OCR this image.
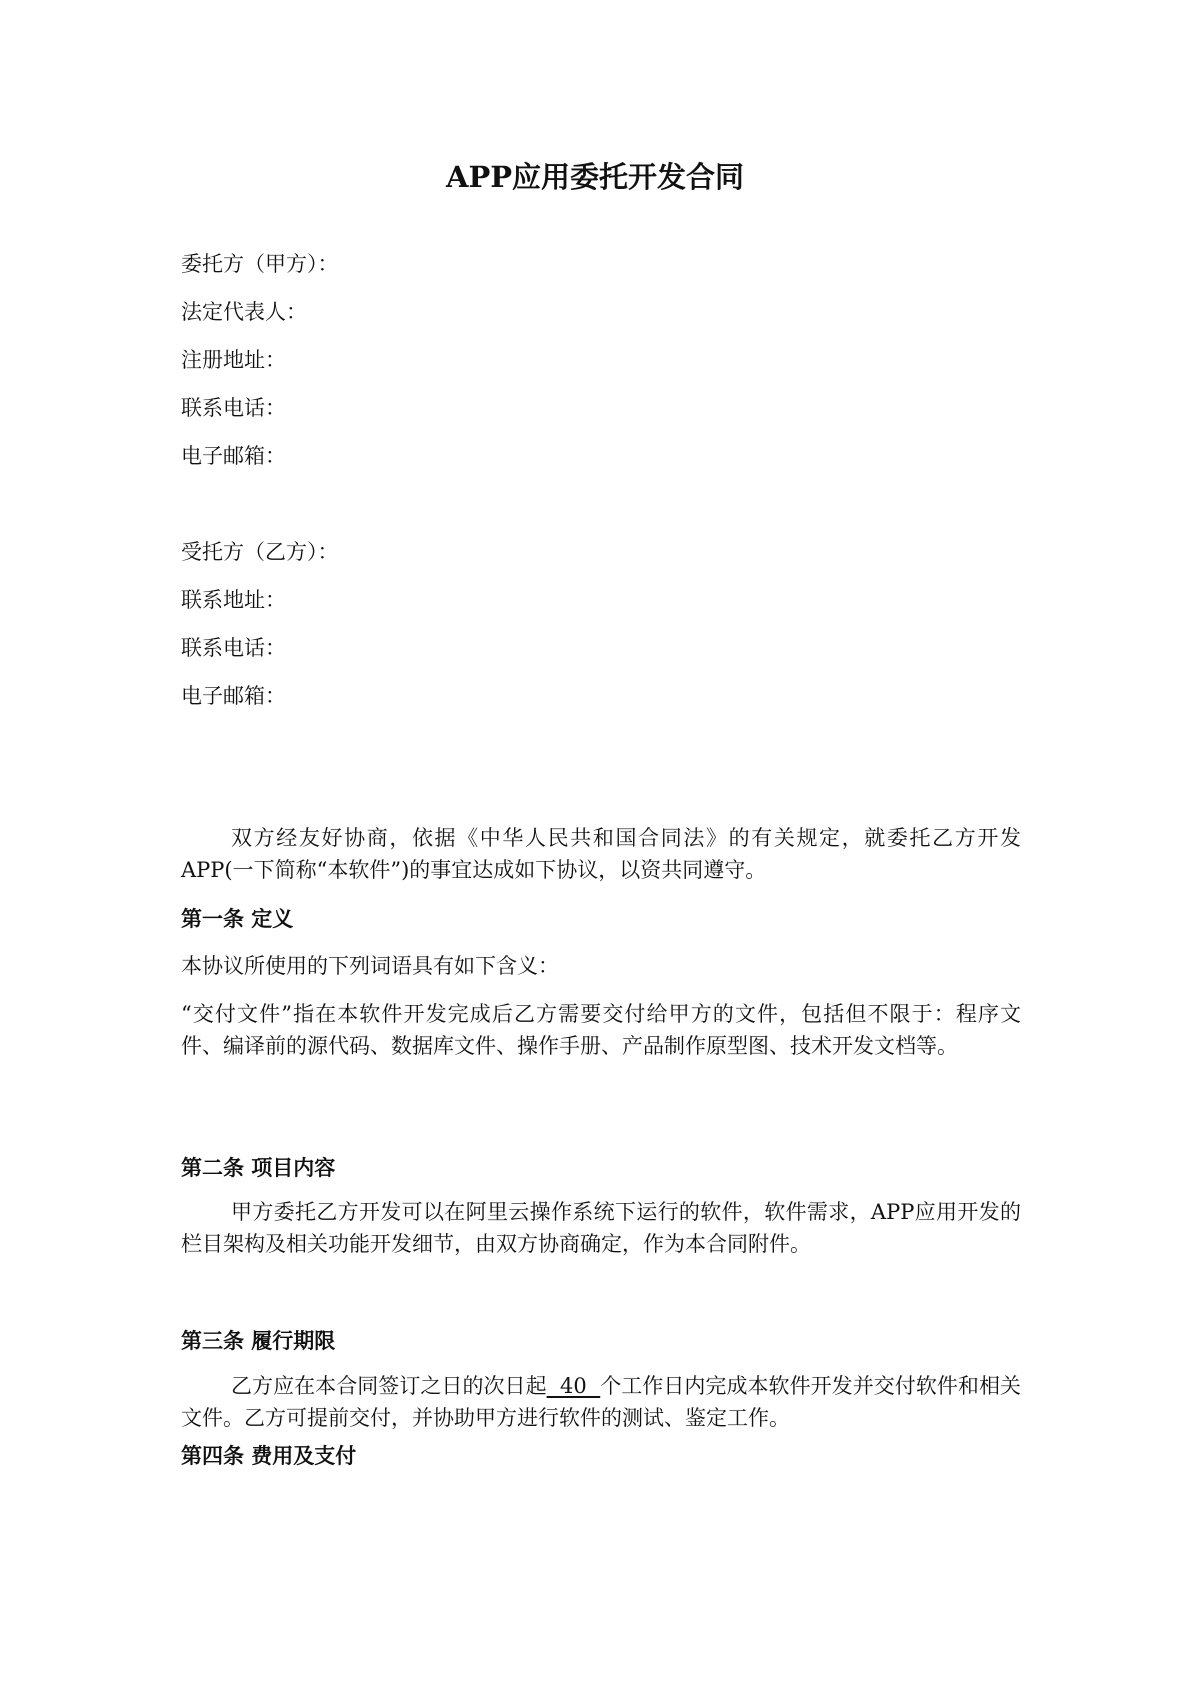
APP应用委托开发合同
委托方（甲方）：
法定代表人：
注册地址：
联系电话：
电子邮箱：
受托方（乙方）：
联系地址：
联系电话：
电子邮箱：
双方经友好协商，依据《中华人民共和国合同法》的有关规定，就委托乙方开发APP(一下简称“本软件”)的事宜达成如下协议，以资共同遵守。
第一条 定义
本协议所使用的下列词语具有如下含义：
“交付文件”指在本软件开发完成后乙方需要交付给甲方的文件，包括但不限于：程序文件、编译前的源代码、数据库文件、操作手册、产品制作原型图、技术开发文档等。
第二条 项目内容
甲方委托乙方开发可以在阿里云操作系统下运行的软件，软件需求，APP应用开发的栏目架构及相关功能开发细节，由双方协商确定，作为本合同附件。
第三条 履行期限
乙方应在本合同签订之日的次日起  40  个工作日内完成本软件开发并交付软件和相关文件。乙方可提前交付，并协助甲方进行软件的测试、鉴定工作。
第四条 费用及支付
